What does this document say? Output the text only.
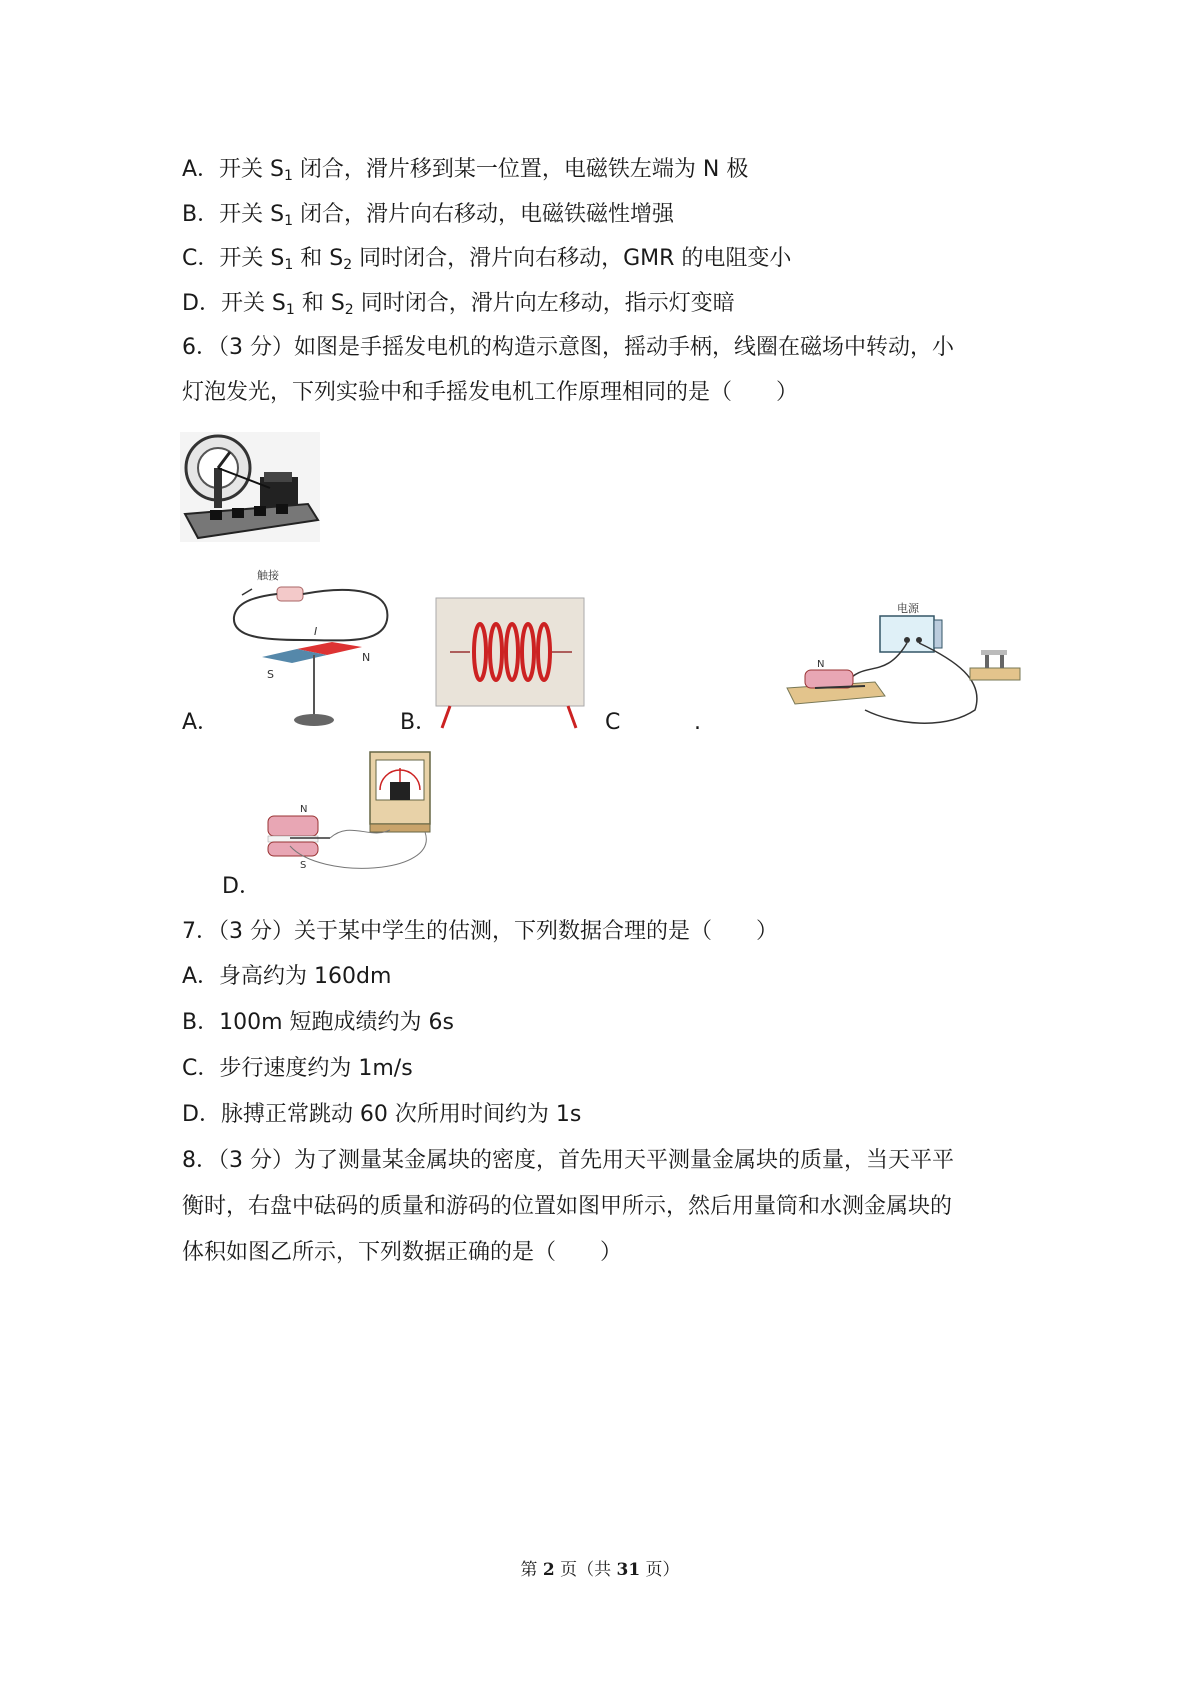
A．开关 $S_1$ 闭合，滑片移到某一位置，电磁铁左端为 N 极
B．开关 $S_1$ 闭合，滑片向右移动，电磁铁磁性增强
C．开关 $S_1$ 和 $S_2$ 同时闭合，滑片向右移动，GMR 的电阻变小
D．开关 $S_1$ 和 $S_2$ 同时闭合，滑片向左移动，指示灯变暗
6．（3 分）如图是手摇发电机的构造示意图，摇动手柄，线圈在磁场中转动，小
灯泡发光，下列实验中和手摇发电机工作原理相同的是（　　）
A．
触接
I
N
S
B．	C	.
电源
N
N
S
D．
7．（3 分）关于某中学生的估测，下列数据合理的是（　　）
A．身高约为 160dm
B．100m 短跑成绩约为 6s
C．步行速度约为 1m/s
D．脉搏正常跳动 60 次所用时间约为 1s
8．（3 分）为了测量某金属块的密度，首先用天平测量金属块的质量，当天平平
衡时，右盘中砝码的质量和游码的位置如图甲所示，然后用量筒和水测金属块的
体积如图乙所示，下列数据正确的是（　　）
第 2 页（共 31 页）
